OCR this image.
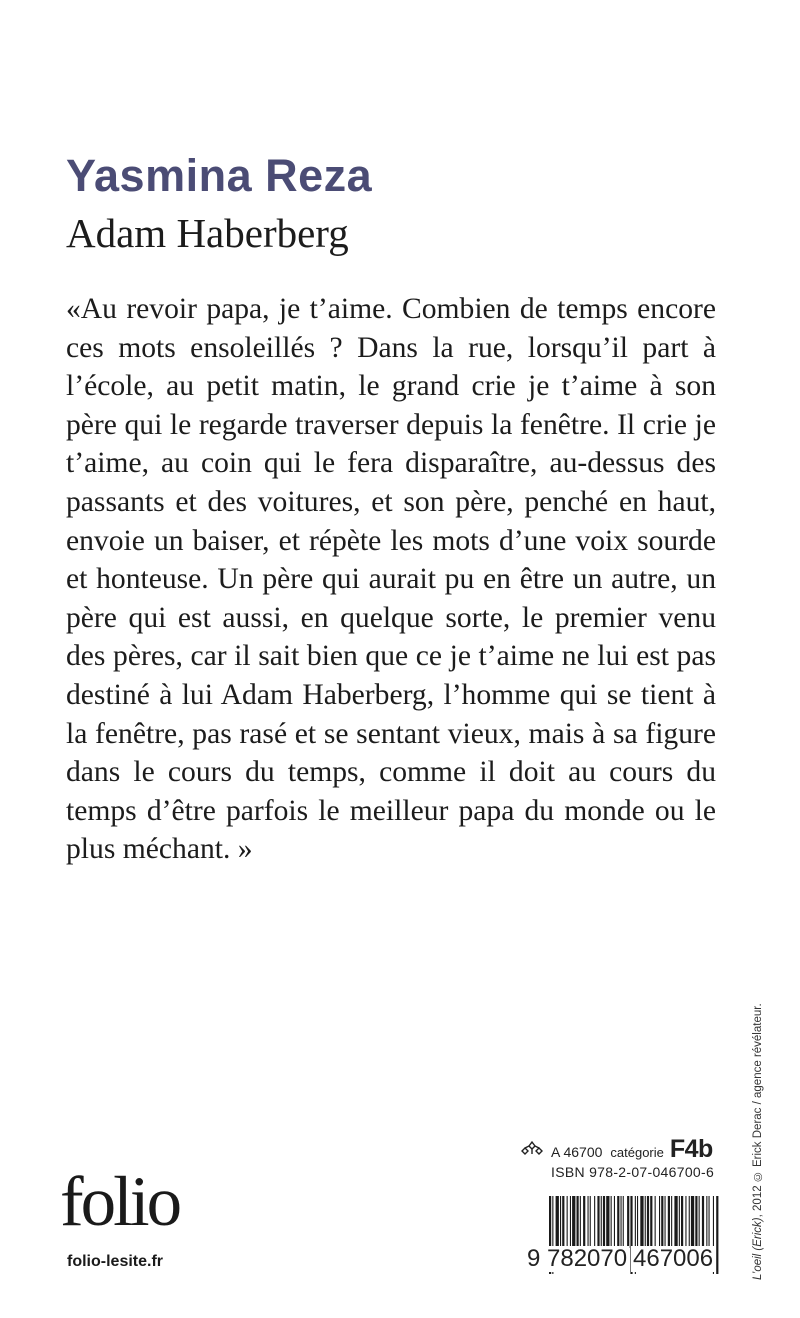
Yasmina Reza
Adam Haberberg

«Au revoir papa, je t’aime. Combien de temps encore ces mots ensoleillés ? Dans la rue, lorsqu’il part à l’école, au petit matin, le grand crie je t’aime à son père qui le regarde traverser depuis la fenêtre. Il crie je t’aime, au coin qui le fera disparaître, au-dessus des passants et des voitures, et son père, penché en haut, envoie un baiser, et répète les mots d’une voix sourde et honteuse. Un père qui aurait pu en être un autre, un père qui est aussi, en quelque sorte, le premier venu des pères, car il sait bien que ce je t’aime ne lui est pas destiné à lui Adam Haberberg, l’homme qui se tient à la fenêtre, pas rasé et se sentant vieux, mais à sa figure dans le cours du temps, comme il doit au cours du temps d’être parfois le meilleur papa du monde ou le plus méchant. »

L’oeil (Erick), 2012 © Erick Derac / agence révélateur.
A 46700 catégorie F4b
ISBN 978-2-07-046700-6
9 782070 467006
folio
folio-lesite.fr
